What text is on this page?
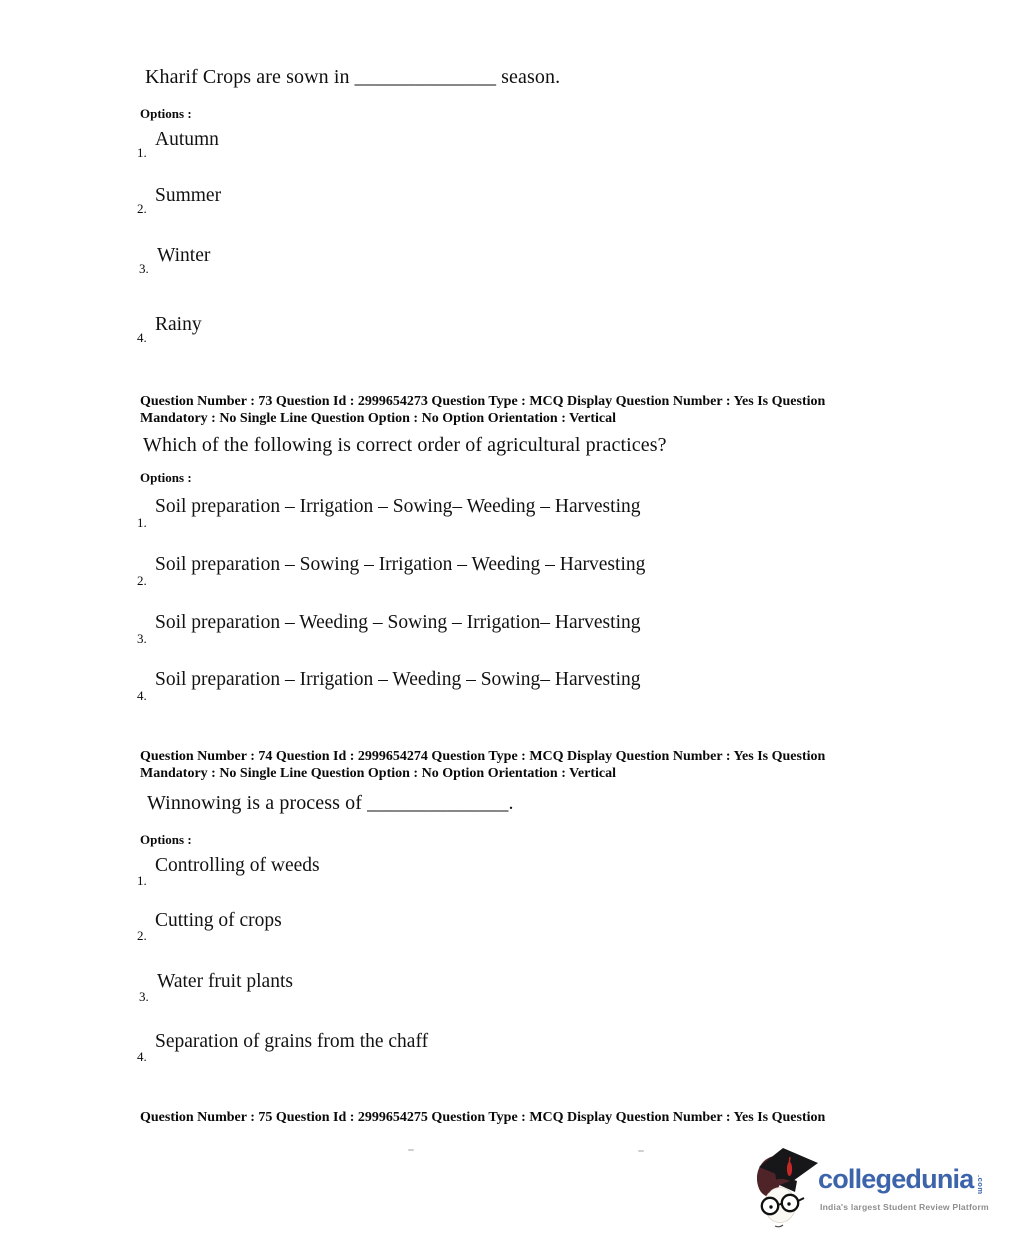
Kharif Crops are sown in ______________ season.
Options :
1.
Autumn
2.
Summer
3.
Winter
4.
Rainy
Question Number : 73 Question Id : 2999654273 Question Type : MCQ Display Question Number : Yes Is Question
Mandatory : No Single Line Question Option : No Option Orientation : Vertical
Which of the following is correct order of agricultural practices?
Options :
1.
Soil preparation – Irrigation – Sowing– Weeding – Harvesting
2.
Soil preparation – Sowing – Irrigation – Weeding – Harvesting
3.
Soil preparation – Weeding – Sowing – Irrigation– Harvesting
4.
Soil preparation – Irrigation – Weeding – Sowing– Harvesting
Question Number : 74 Question Id : 2999654274 Question Type : MCQ Display Question Number : Yes Is Question
Mandatory : No Single Line Question Option : No Option Orientation : Vertical
Winnowing is a process of ______________.
Options :
1.
Controlling of weeds
2.
Cutting of crops
3.
Water fruit plants
4.
Separation of grains from the chaff
Question Number : 75 Question Id : 2999654275 Question Type : MCQ Display Question Number : Yes Is Question
collegedunia .com
India's largest Student Review Platform
